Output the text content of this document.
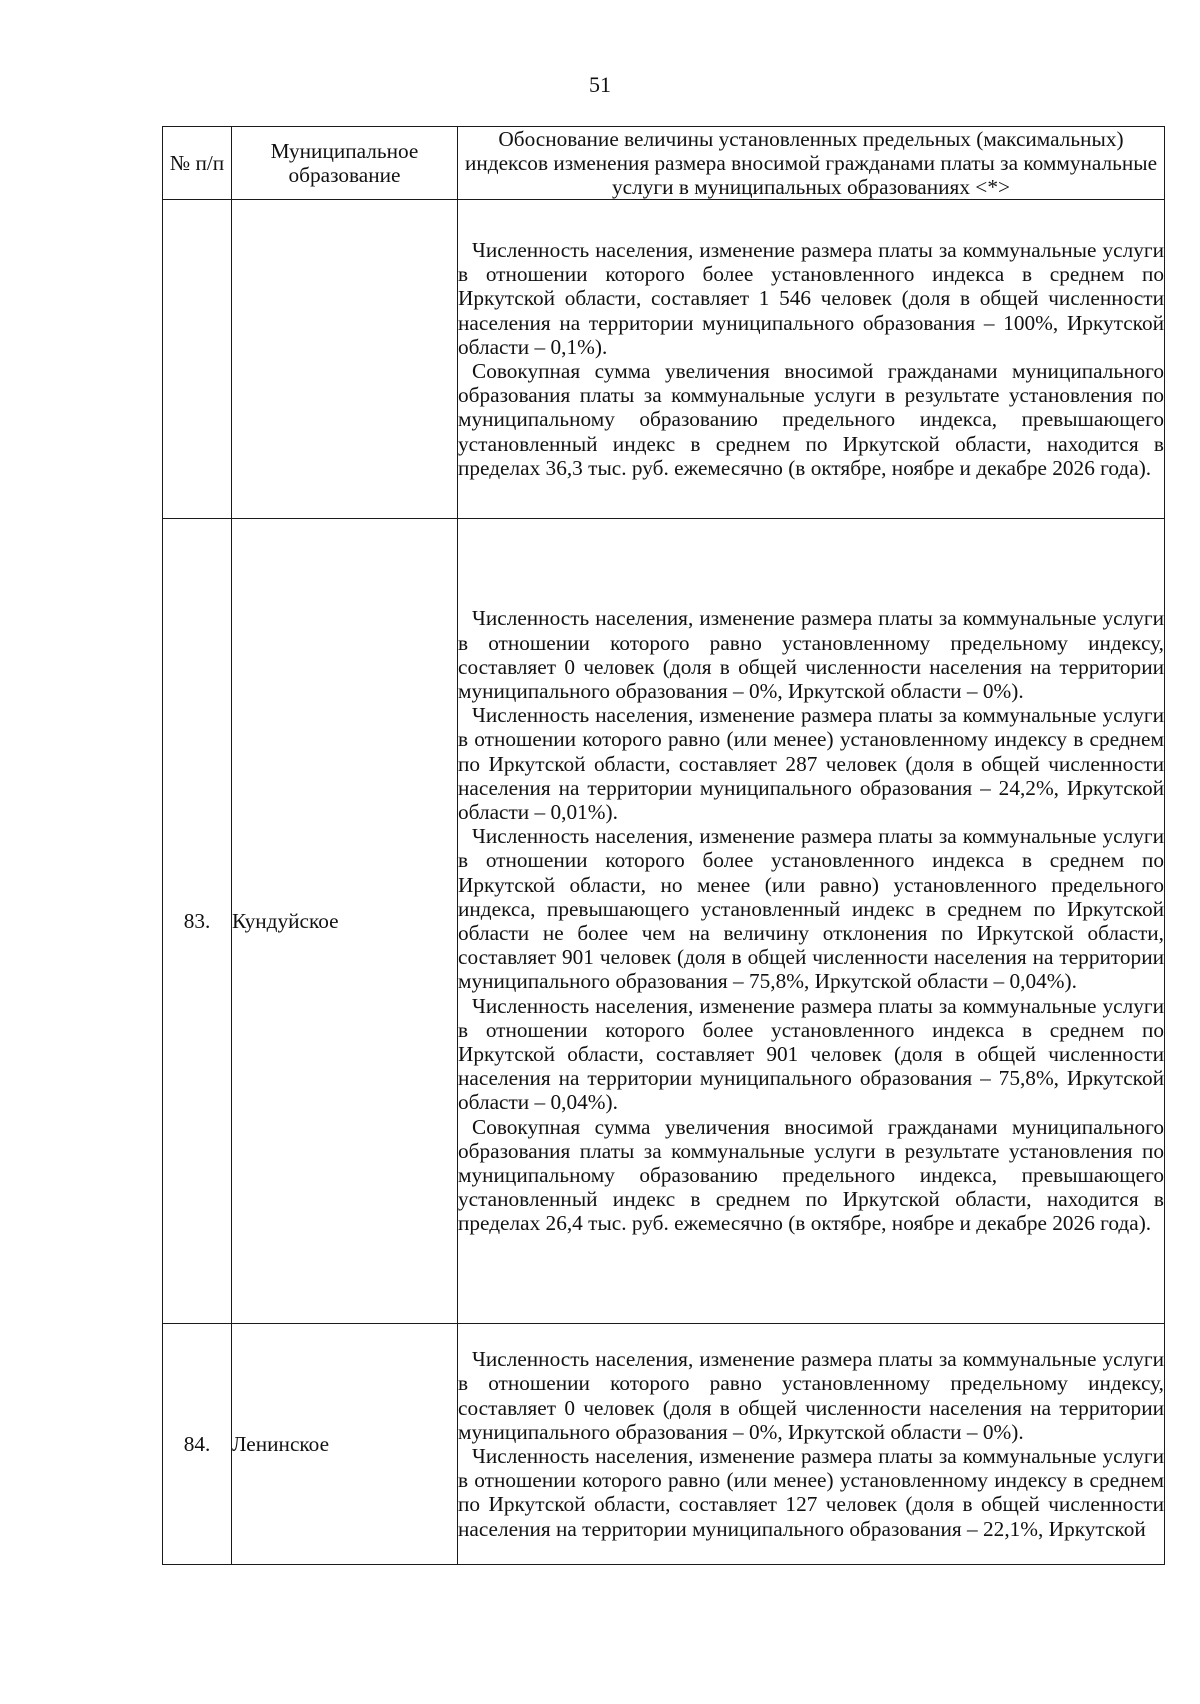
51
№ п/п	Муниципальное образование	Обоснование величины установленных предельных (максимальных) индексов изменения размера вносимой гражданами платы за коммунальные услуги в муниципальных образованиях <*>

		Численность населения, изменение размера платы за коммунальные услуги в отношении которого более установленного индекса в среднем по Иркутской области, составляет 1 546 человек (доля в общей численности населения на территории муниципального образования – 100%, Иркутской области – 0,1%).

Совокупная сумма увеличения вносимой гражданами муниципального образования платы за коммунальные услуги в результате установления по муниципальному образованию предельного индекса, превышающего установленный индекс в среднем по Иркутской области, находится в пределах 36,3 тыс. руб. ежемесячно (в октябре, ноябре и декабре 2026 года).

83.	Кундуйское	Численность населения, изменение размера платы за коммунальные услуги в отношении которого равно установленному предельному индексу, составляет 0 человек (доля в общей численности населения на территории муниципального образования – 0%, Иркутской области – 0%).

Численность населения, изменение размера платы за коммунальные услуги в отношении которого равно (или менее) установленному индексу в среднем по Иркутской области, составляет 287 человек (доля в общей численности населения на территории муниципального образования – 24,2%, Иркутской области – 0,01%).

Численность населения, изменение размера платы за коммунальные услуги в отношении которого более установленного индекса в среднем по Иркутской области, но менее (или равно) установленного предельного индекса, превышающего установленный индекс в среднем по Иркутской области не более чем на величину отклонения по Иркутской области, составляет 901 человек (доля в общей численности населения на территории муниципального образования – 75,8%, Иркутской области – 0,04%).

Численность населения, изменение размера платы за коммунальные услуги в отношении которого более установленного индекса в среднем по Иркутской области, составляет 901 человек (доля в общей численности населения на территории муниципального образования – 75,8%, Иркутской области – 0,04%).

Совокупная сумма увеличения вносимой гражданами муниципального образования платы за коммунальные услуги в результате установления по муниципальному образованию предельного индекса, превышающего установленный индекс в среднем по Иркутской области, находится в пределах 26,4 тыс. руб. ежемесячно (в октябре, ноябре и декабре 2026 года).

84.	Ленинское	Численность населения, изменение размера платы за коммунальные услуги в отношении которого равно установленному предельному индексу, составляет 0 человек (доля в общей численности населения на территории муниципального образования – 0%, Иркутской области – 0%).

Численность населения, изменение размера платы за коммунальные услуги в отношении которого равно (или менее) установленному индексу в среднем по Иркутской области, составляет 127 человек (доля в общей численности населения на территории муниципального образования – 22,1%, Иркутской
